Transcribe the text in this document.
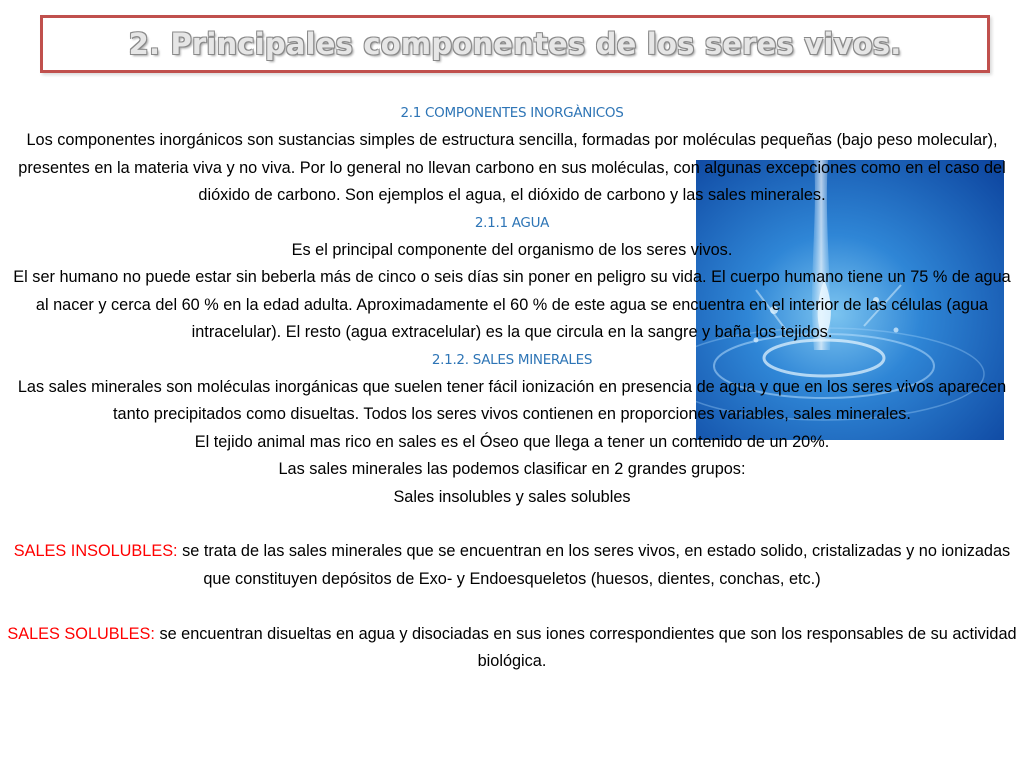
2. Principales componentes de los seres vivos.

2.1 COMPONENTES INORGÀNICOS

Los componentes inorgánicos son sustancias simples de estructura sencilla, formadas por moléculas pequeñas (bajo peso molecular), presentes en la materia viva y no viva. Por lo general no llevan carbono en sus moléculas, con algunas excepciones como en el caso del dióxido de carbono. Son ejemplos el agua, el dióxido de carbono y las sales minerales.

2.1.1 AGUA

Es el principal componente del organismo de los seres vivos.

El ser humano no puede estar sin beberla más de cinco o seis días sin poner en peligro su vida. El cuerpo humano tiene un 75 % de agua al nacer y cerca del 60 % en la edad adulta. Aproximadamente el 60 % de este agua se encuentra en el interior de las células (agua intracelular). El resto (agua extracelular) es la que circula en la sangre y baña los tejidos.

2.1.2. SALES MINERALES

Las sales minerales son moléculas inorgánicas que suelen tener fácil ionización en presencia de agua y que en los seres vivos aparecen tanto precipitados como disueltas. Todos los seres vivos contienen en proporciones variables, sales minerales.

El tejido animal mas rico en sales es el Óseo que llega a tener un contenido de un 20%.

Las sales minerales las podemos clasificar en 2 grandes grupos:

Sales insolubles y sales solubles

SALES INSOLUBLES: se trata de las sales minerales que se encuentran en los seres vivos, en estado solido, cristalizadas y no ionizadas que constituyen depósitos de Exo- y Endoesqueletos (huesos, dientes, conchas, etc.)

SALES SOLUBLES: se encuentran disueltas en agua y disociadas en sus iones correspondientes que son los responsables de su actividad biológica.
